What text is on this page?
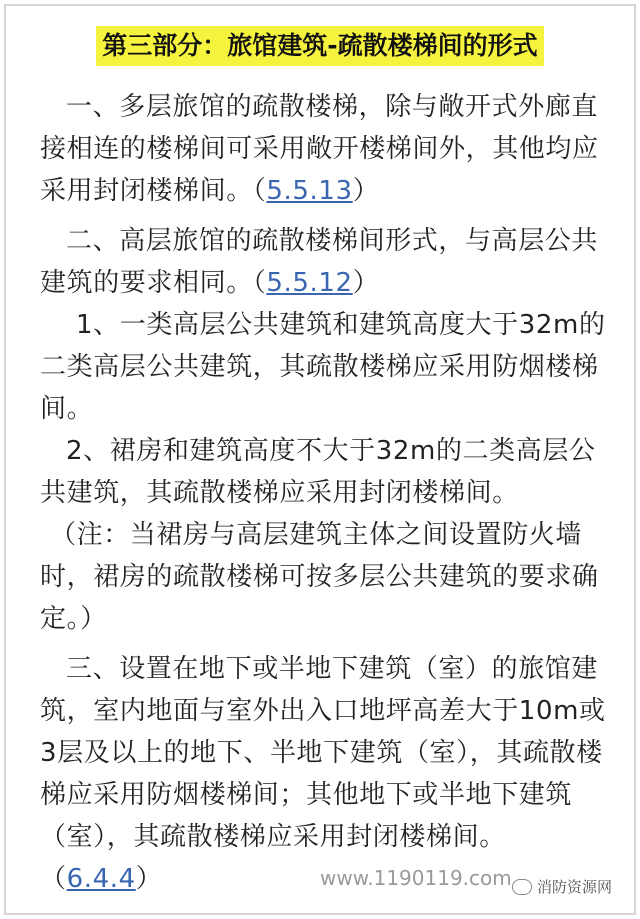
第三部分：旅馆建筑-疏散楼梯间的形式

一、多层旅馆的疏散楼梯，除与敞开式外廊直接相连的楼梯间可采用敞开楼梯间外，其他均应采用封闭楼梯间。（5.5.13）

二、高层旅馆的疏散楼梯间形式，与高层公共建筑的要求相同。（5.5.12）

1、一类高层公共建筑和建筑高度大于32m的二类高层公共建筑，其疏散楼梯应采用防烟楼梯间。

2、裙房和建筑高度不大于32m的二类高层公共建筑，其疏散楼梯应采用封闭楼梯间。

（注：当裙房与高层建筑主体之间设置防火墙时，裙房的疏散楼梯可按多层公共建筑的要求确定。）

三、设置在地下或半地下建筑（室）的旅馆建筑，室内地面与室外出入口地坪高差大于10m或3层及以上的地下、半地下建筑（室），其疏散楼梯应采用防烟楼梯间；其他地下或半地下建筑（室），其疏散楼梯应采用封闭楼梯间。（6.4.4）	www.1190119.com 消防资源网
